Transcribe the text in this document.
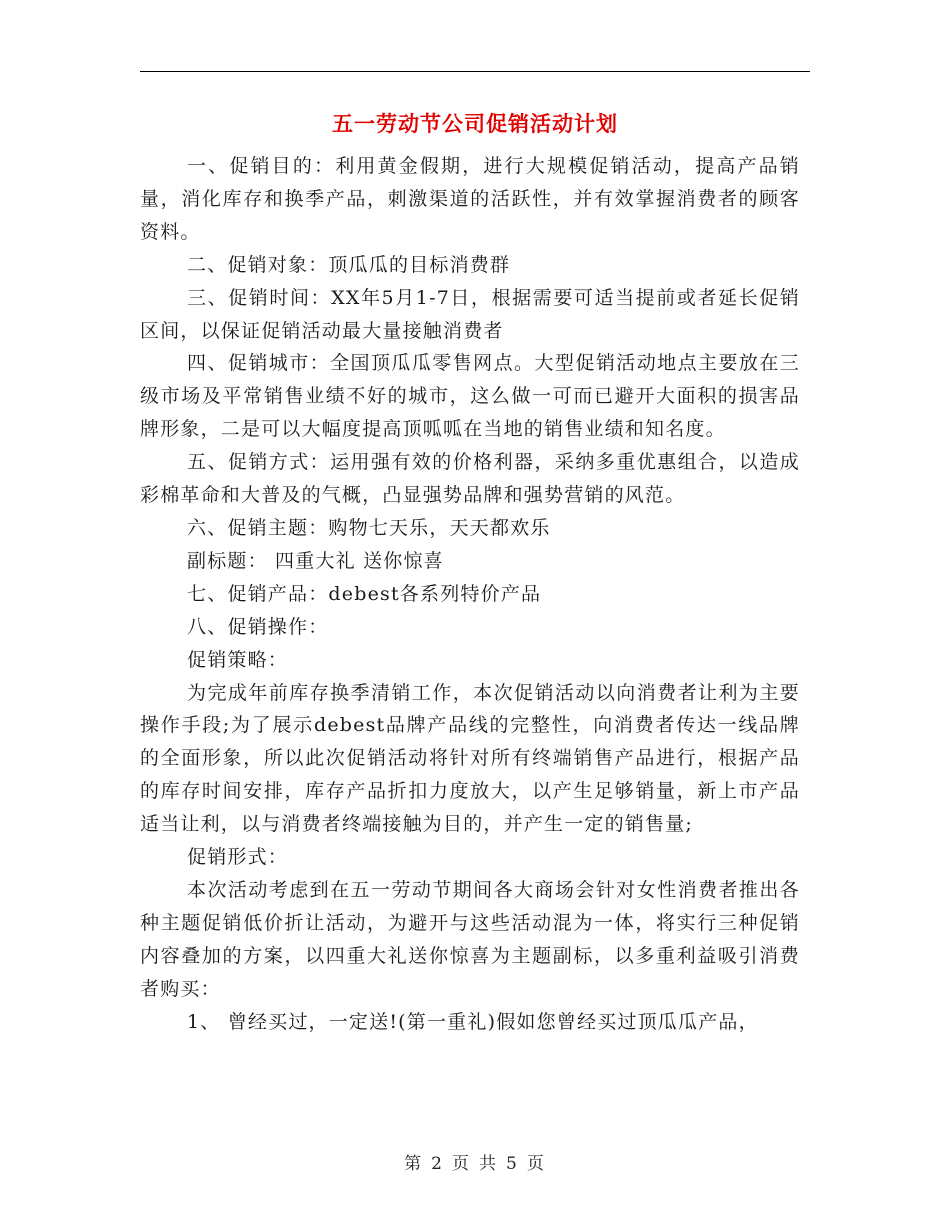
五一劳动节公司促销活动计划

一、促销目的：利用黄金假期，进行大规模促销活动，提高产品销量，消化库存和换季产品，刺激渠道的活跃性，并有效掌握消费者的顾客资料。

二、促销对象：顶瓜瓜的目标消费群

三、促销时间：XX年5月1-7日，根据需要可适当提前或者延长促销区间，以保证促销活动最大量接触消费者

四、促销城市：全国顶瓜瓜零售网点。大型促销活动地点主要放在三级市场及平常销售业绩不好的城市，这么做一可而已避开大面积的损害品牌形象，二是可以大幅度提高顶呱呱在当地的销售业绩和知名度。

五、促销方式：运用强有效的价格利器，采纳多重优惠组合，以造成彩棉革命和大普及的气概，凸显强势品牌和强势营销的风范。

六、促销主题：购物七天乐，天天都欢乐

副标题： 四重大礼 送你惊喜

七、促销产品：debest各系列特价产品

八、促销操作：

促销策略：

为完成年前库存换季清销工作，本次促销活动以向消费者让利为主要操作手段;为了展示debest品牌产品线的完整性，向消费者传达一线品牌的全面形象，所以此次促销活动将针对所有终端销售产品进行，根据产品的库存时间安排，库存产品折扣力度放大，以产生足够销量，新上市产品适当让利，以与消费者终端接触为目的，并产生一定的销售量;

促销形式：

本次活动考虑到在五一劳动节期间各大商场会针对女性消费者推出各种主题促销低价折让活动，为避开与这些活动混为一体，将实行三种促销内容叠加的方案，以四重大礼送你惊喜为主题副标，以多重利益吸引消费者购买：

1、 曾经买过，一定送!(第一重礼)假如您曾经买过顶瓜瓜产品，

第 2 页 共 5 页
